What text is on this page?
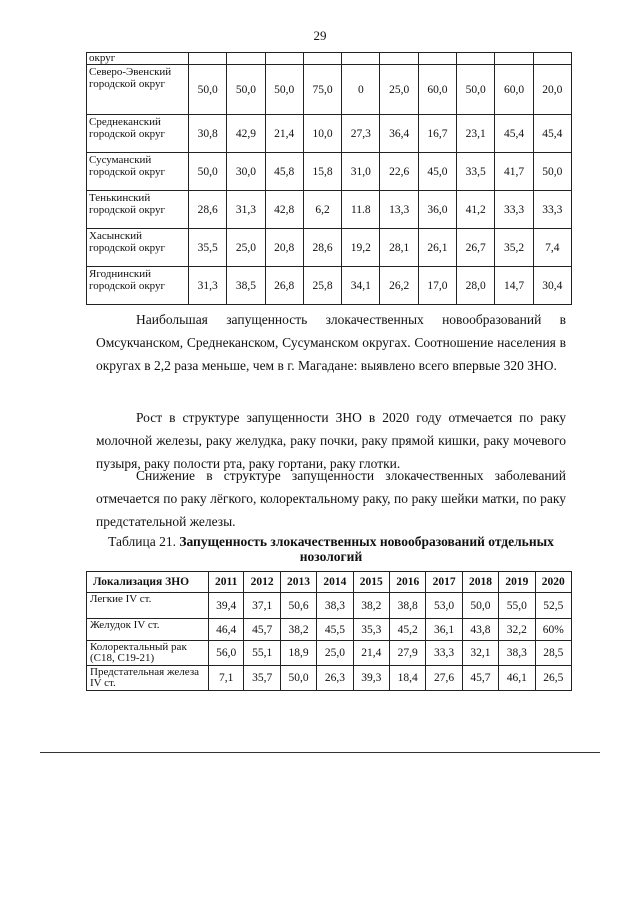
29
округ										
Северо-Эвенский городской округ	50,0	50,0	50,0	75,0	0	25,0	60,0	50,0	60,0	20,0
Среднеканский городской округ	30,8	42,9	21,4	10,0	27,3	36,4	16,7	23,1	45,4	45,4
Сусуманский городской округ	50,0	30,0	45,8	15,8	31,0	22,6	45,0	33,5	41,7	50,0
Тенькинский городской округ	28,6	31,3	42,8	6,2	11.8	13,3	36,0	41,2	33,3	33,3
Хасынский городской округ	35,5	25,0	20,8	28,6	19,2	28,1	26,1	26,7	35,2	7,4
Ягоднинский городской округ	31,3	38,5	26,8	25,8	34,1	26,2	17,0	28,0	14,7	30,4

Наибольшая запущенность злокачественных новообразований в Омсукчанском, Среднеканском, Сусуманском округах. Соотношение населения в округах в 2,2 раза меньше, чем в г. Магадане: выявлено всего впервые 320 ЗНО.

Рост в структуре запущенности ЗНО в 2020 году отмечается по раку молочной железы, раку желудка, раку почки, раку прямой кишки, раку мочевого пузыря, раку полости рта, раку гортани, раку глотки.

Снижение в структуре запущенности злокачественных заболеваний отмечается по раку лёгкого, колоректальному раку, по раку шейки матки, по раку предстательной железы.

Таблица 21. Запущенность злокачественных новообразований отдельных нозологий
Локализация ЗНО	2011	2012	2013	2014	2015	2016	2017	2018	2019	2020
Легкие IV ст.	39,4	37,1	50,6	38,3	38,2	38,8	53,0	50,0	55,0	52,5
Желудок IV ст.	46,4	45,7	38,2	45,5	35,3	45,2	36,1	43,8	32,2	60%
Колоректальный рак (С18, С19-21)	56,0	55,1	18,9	25,0	21,4	27,9	33,3	32,1	38,3	28,5
Предстательная железа IV ст.	7,1	35,7	50,0	26,3	39,3	18,4	27,6	45,7	46,1	26,5
